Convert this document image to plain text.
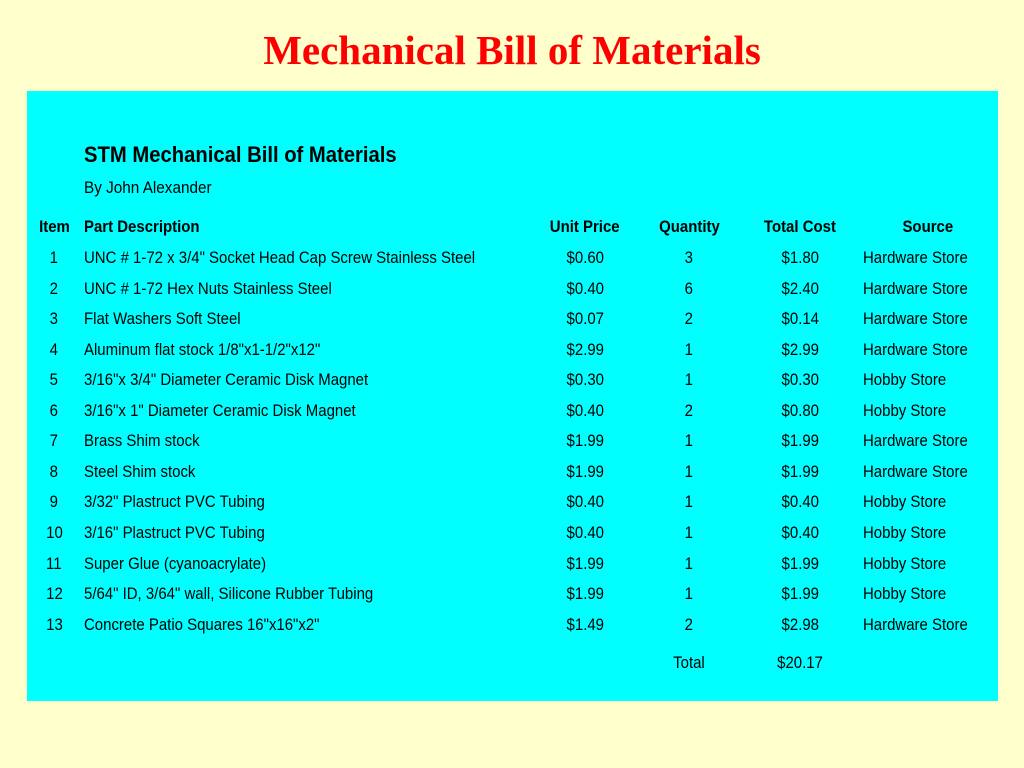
Mechanical Bill of Materials
STM Mechanical Bill of Materials
By John Alexander
Item Part Description	Unit Price	Quantity	Total Cost	Source
1	UNC # 1-72 x 3/4" Socket Head Cap Screw Stainless Steel	$0.60	3	$1.80	Hardware Store
2	UNC # 1-72 Hex Nuts Stainless Steel	$0.40	6	$2.40	Hardware Store
3	Flat Washers Soft Steel	$0.07	2	$0.14	Hardware Store
4	Aluminum flat stock 1/8"x1-1/2"x12"	$2.99	1	$2.99	Hardware Store
5	3/16"x 3/4" Diameter Ceramic Disk Magnet	$0.30	1	$0.30	Hobby Store
6	3/16"x 1" Diameter Ceramic Disk Magnet	$0.40	2	$0.80	Hobby Store
7	Brass Shim stock	$1.99	1	$1.99	Hardware Store
8	Steel Shim stock	$1.99	1	$1.99	Hardware Store
9	3/32" Plastruct PVC Tubing	$0.40	1	$0.40	Hobby Store
10	3/16" Plastruct PVC Tubing	$0.40	1	$0.40	Hobby Store
11	Super Glue (cyanoacrylate)	$1.99	1	$1.99	Hobby Store
12	5/64" ID, 3/64" wall, Silicone Rubber Tubing	$1.99	1	$1.99	Hobby Store
13	Concrete Patio Squares 16"x16"x2"	$1.49	2	$2.98	Hardware Store
Total	$20.17
